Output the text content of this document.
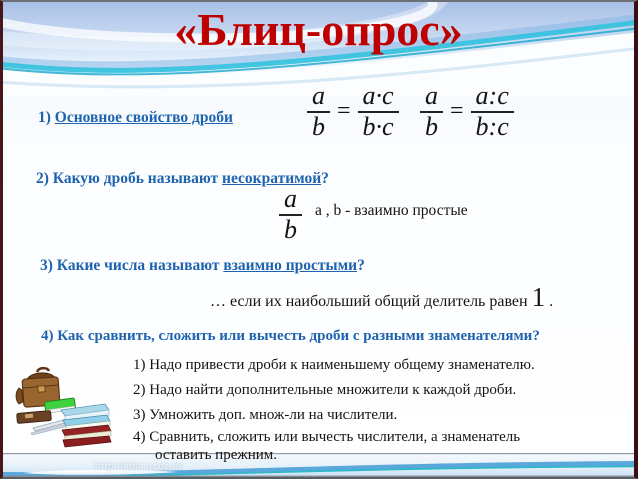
«Блиц-опрос»
1) Основное свойство дроби	$\frac{a}{b} = \frac{a\cdot c}{b\cdot c} \frac{a}{b} = \frac{a:c}{b:c}$
2) Какую дробь называют несократимой?
$\frac{a}{b}$ a , b - взаимно простые
3) Какие числа называют взаимно простыми?
… если их наибольший общий делитель равен 1 .
4) Как сравнить, сложить или вычесть дроби с разными знаменателями?
1) Надо привести дроби к наименьшему общему знаменателю.
2) Надо найти дополнительные множители к каждой дроби.
3) Умножить доп. множ-ли на числители.
4) Сравнить, сложить или вычесть числители, а знаменатель
оставить прежним.
http://aida.ucoz.ru
